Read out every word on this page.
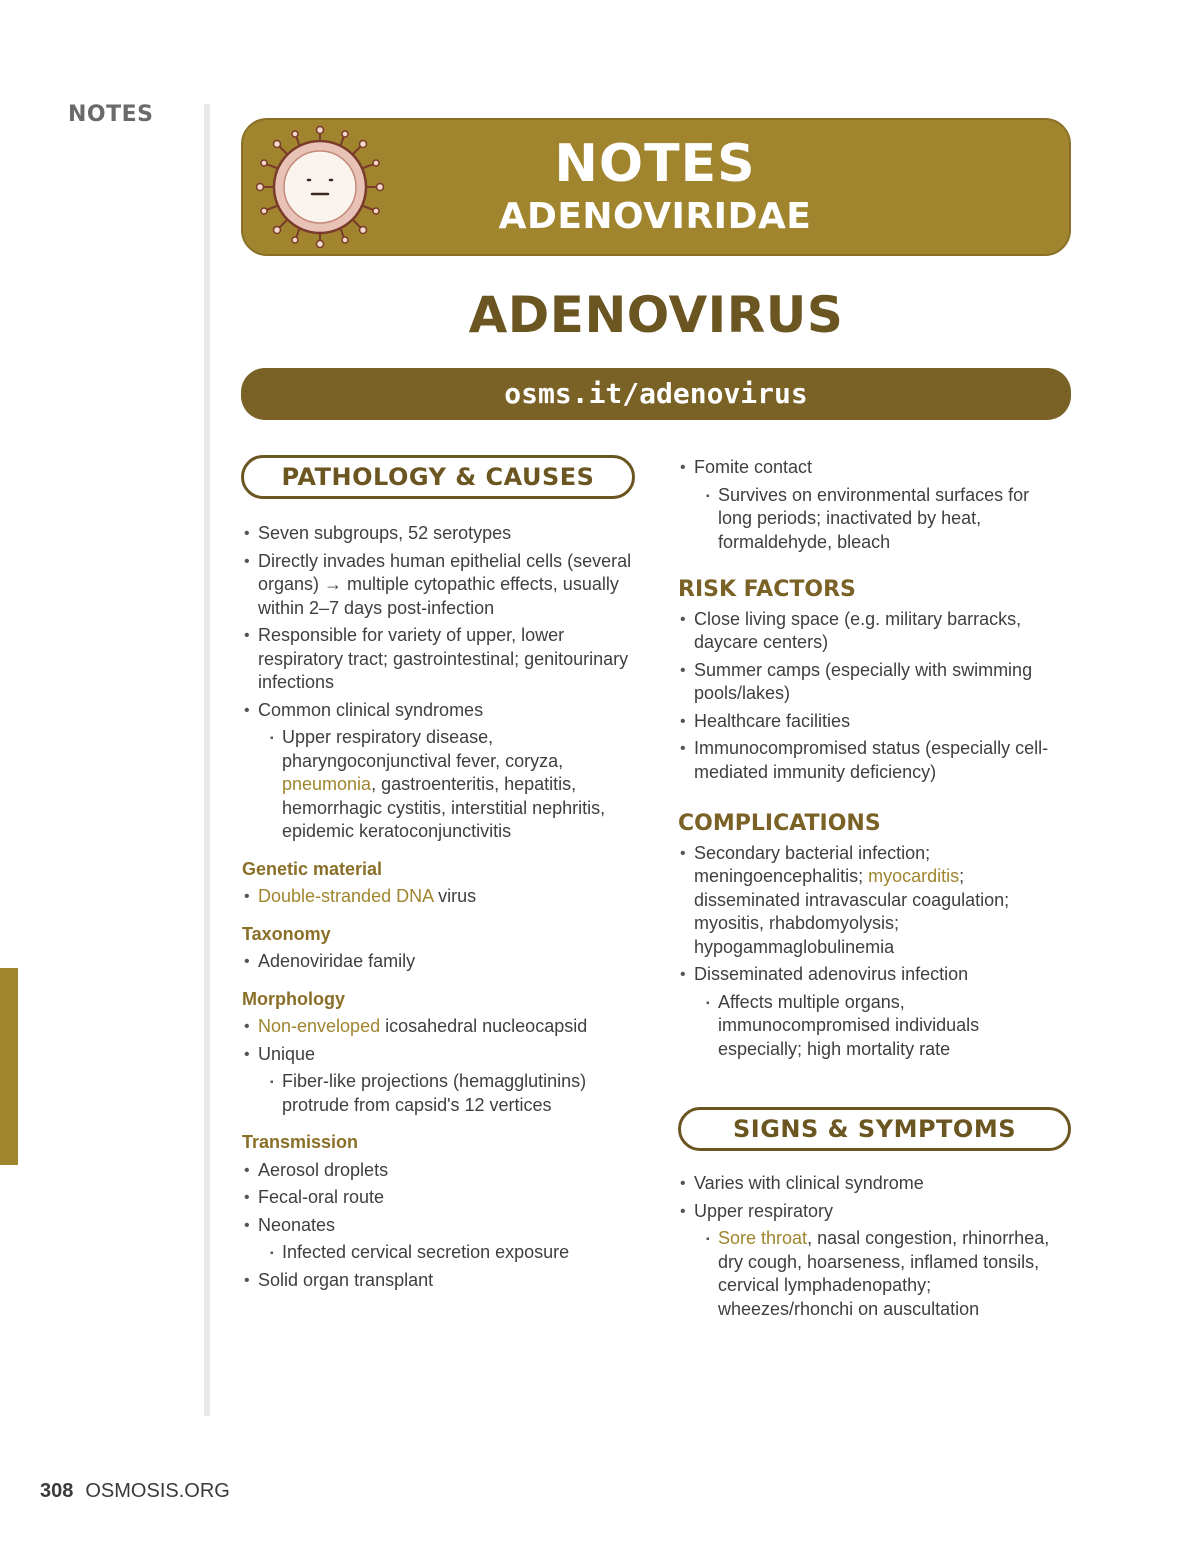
NOTES
NOTES
ADENOVIRIDAE
ADENOVIRUS
osms.it/adenovirus
PATHOLOGY & CAUSES
• Seven subgroups, 52 serotypes
• Directly invades human epithelial cells (several organs) → multiple cytopathic effects, usually within 2–7 days post-infection
• Responsible for variety of upper, lower respiratory tract; gastrointestinal; genitourinary infections
• Common clinical syndromes
▪ Upper respiratory disease, pharyngoconjunctival fever, coryza, pneumonia, gastroenteritis, hepatitis, hemorrhagic cystitis, interstitial nephritis, epidemic keratoconjunctivitis
Genetic material
• Double-stranded DNA virus
Taxonomy
• Adenoviridae family
Morphology
• Non-enveloped icosahedral nucleocapsid
• Unique
▪ Fiber-like projections (hemagglutinins) protrude from capsid's 12 vertices
Transmission
• Aerosol droplets
• Fecal-oral route
• Neonates
▪ Infected cervical secretion exposure
• Solid organ transplant
• Fomite contact
▪ Survives on environmental surfaces for long periods; inactivated by heat, formaldehyde, bleach
RISK FACTORS
• Close living space (e.g. military barracks, daycare centers)
• Summer camps (especially with swimming pools/lakes)
• Healthcare facilities
• Immunocompromised status (especially cell-mediated immunity deficiency)
COMPLICATIONS
• Secondary bacterial infection; meningoencephalitis; myocarditis; disseminated intravascular coagulation; myositis, rhabdomyolysis; hypogammaglobulinemia
• Disseminated adenovirus infection
▪ Affects multiple organs, immunocompromised individuals especially; high mortality rate
SIGNS & SYMPTOMS
• Varies with clinical syndrome
• Upper respiratory
▪ Sore throat, nasal congestion, rhinorrhea, dry cough, hoarseness, inflamed tonsils, cervical lymphadenopathy; wheezes/rhonchi on auscultation
308 OSMOSIS.ORG
